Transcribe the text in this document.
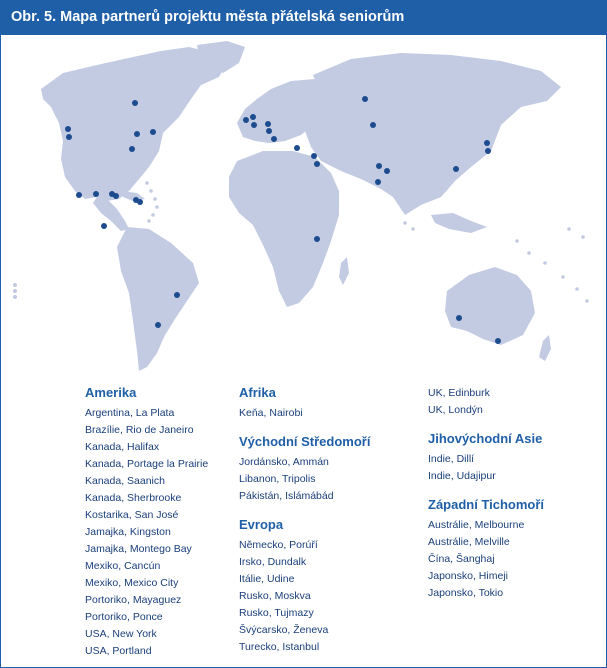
Obr. 5. Mapa partnerů projektu města přátelská seniorům
Amerika
Argentina, La Plata
Brazílie, Rio de Janeiro
Kanada, Halifax
Kanada, Portage la Prairie
Kanada, Saanich
Kanada, Sherbrooke
Kostarika, San José
Jamajka, Kingston
Jamajka, Montego Bay
Mexiko, Cancún
Mexiko, Mexico City
Portoriko, Mayaguez
Portoriko, Ponce
USA, New York
USA, Portland
Afrika
Keňa, Nairobi
Východní Středomoří
Jordánsko, Ammán
Libanon, Tripolis
Pákistán, Islámábád
Evropa
Německo, Porúří
Irsko, Dundalk
Itálie, Udine
Rusko, Moskva
Rusko, Tujmazy
Švýcarsko, Ženeva
Turecko, Istanbul
UK, Edinburk
UK, Londýn
Jihovýchodní Asie
Indie, Dillí
Indie, Udajipur
Západní Tichomoří
Austrálie, Melbourne
Austrálie, Melville
Čína, Šanghaj
Japonsko, Himeji
Japonsko, Tokio
